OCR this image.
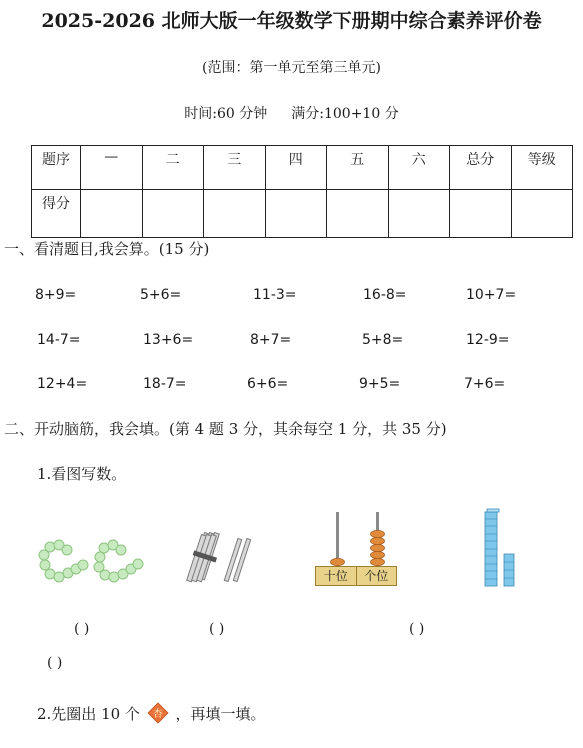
2025-2026 北师大版一年级数学下册期中综合素养评价卷
(范围：第一单元至第三单元)
时间:60 分钟 满分:100+10 分
题序	—	二	三	四	五	六	总分	等级
得分								
一、看清题目,我会算。(15 分)
8+9=	5+6=	11-3=	16-8=	10+7=
14-7=	13+6=	8+7=	5+8=	12-9=
12+4=	18-7=	6+6=	9+5=	7+6=
二、开动脑筋，我会填。(第 4 题 3 分，其余每空 1 分，共 35 分)
1.看图写数。
十位	个位
( )	( )	( )
( )
2.先圈出 10 个	杏 ，再填一填。
